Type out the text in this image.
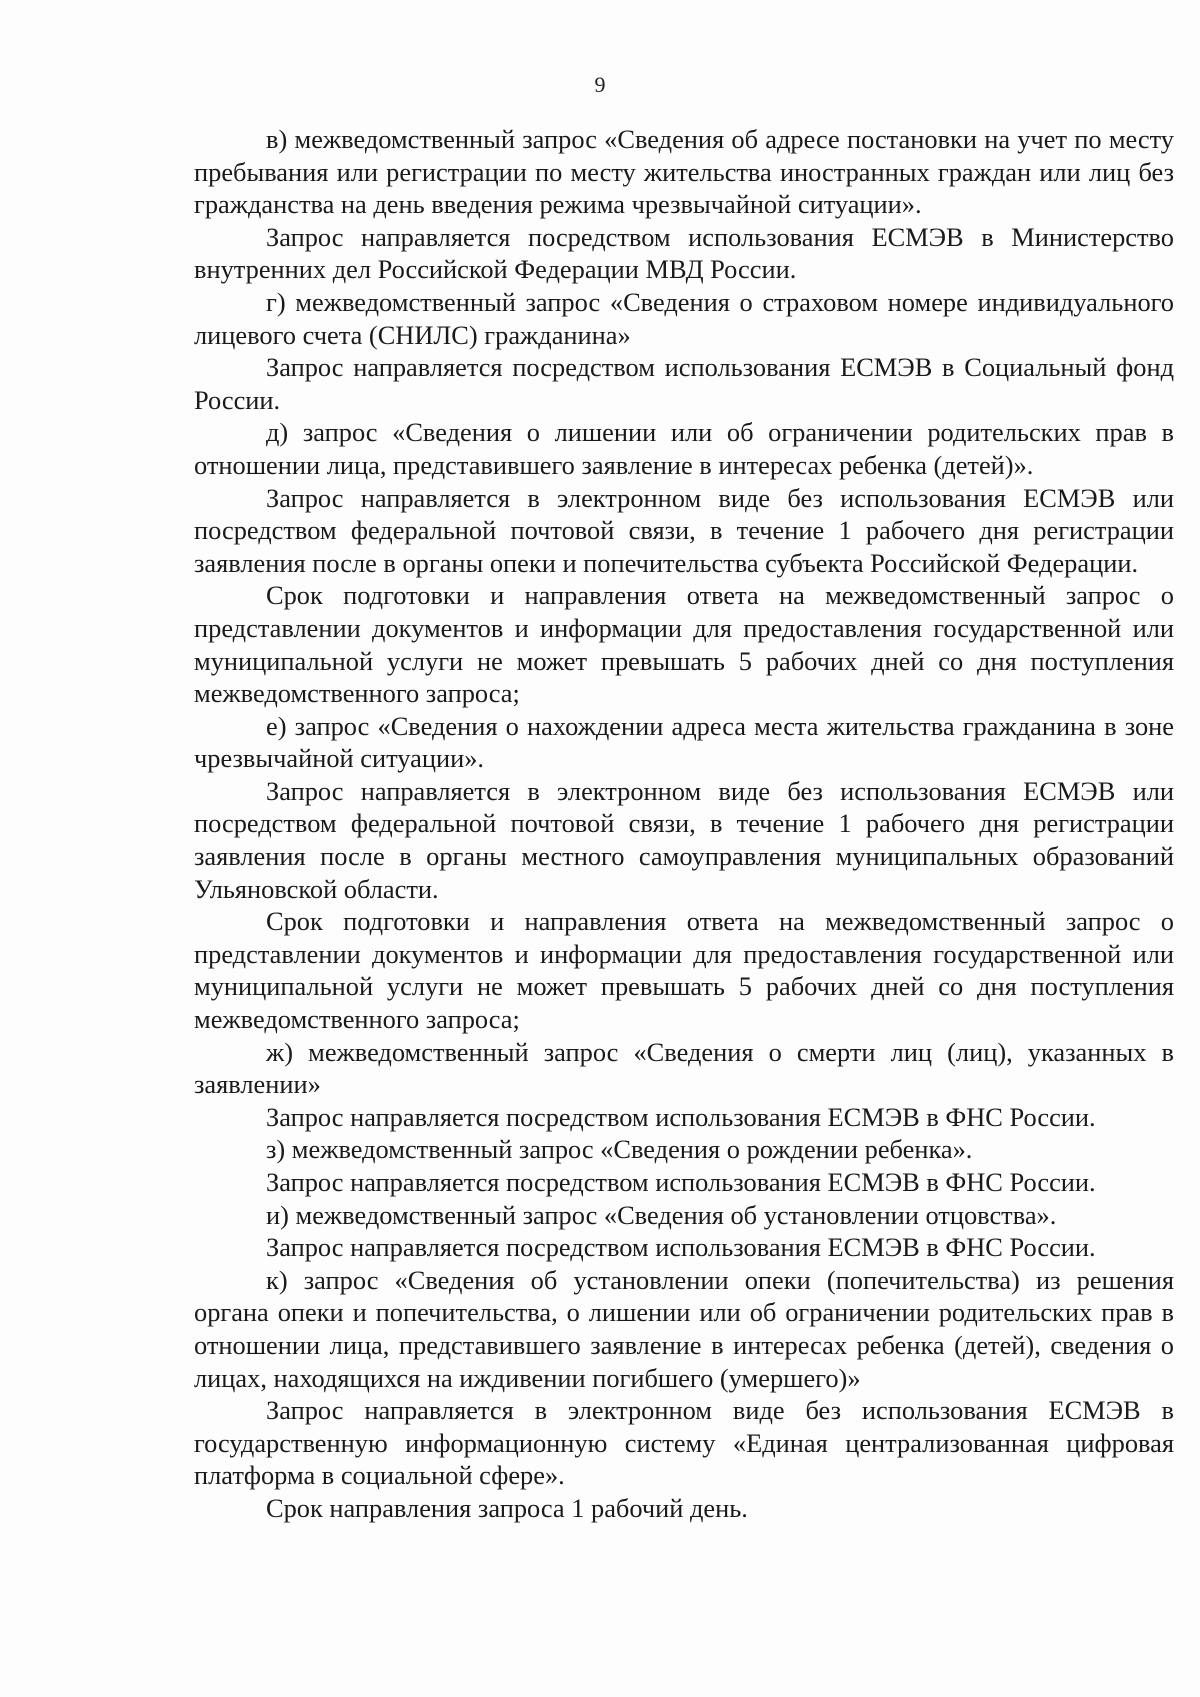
9

в) межведомственный запрос «Сведения об адресе постановки на учет по месту пребывания или регистрации по месту жительства иностранных граждан или лиц без гражданства на день введения режима чрезвычайной ситуации».

Запрос направляется посредством использования ЕСМЭВ в Министерство внутренних дел Российской Федерации МВД России.

г) межведомственный запрос «Сведения о страховом номере индивидуального лицевого счета (СНИЛС) гражданина»

Запрос направляется посредством использования ЕСМЭВ в Социальный фонд России.

д) запрос «Сведения о лишении или об ограничении родительских прав в отношении лица, представившего заявление в интересах ребенка (детей)».

Запрос направляется в электронном виде без использования ЕСМЭВ или посредством федеральной почтовой связи, в течение 1 рабочего дня регистрации заявления после в органы опеки и попечительства субъекта Российской Федерации.

Срок подготовки и направления ответа на межведомственный запрос о представлении документов и информации для предоставления государственной или муниципальной услуги не может превышать 5 рабочих дней со дня поступления межведомственного запроса;

е) запрос «Сведения о нахождении адреса места жительства гражданина в зоне чрезвычайной ситуации».

Запрос направляется в электронном виде без использования ЕСМЭВ или посредством федеральной почтовой связи, в течение 1 рабочего дня регистрации заявления после в органы местного самоуправления муниципальных образований Ульяновской области.

Срок подготовки и направления ответа на межведомственный запрос о представлении документов и информации для предоставления государственной или муниципальной услуги не может превышать 5 рабочих дней со дня поступления межведомственного запроса;

ж) межведомственный запрос «Сведения о смерти лиц (лиц), указанных в заявлении»

Запрос направляется посредством использования ЕСМЭВ в ФНС России.

з) межведомственный запрос «Сведения о рождении ребенка».

Запрос направляется посредством использования ЕСМЭВ в ФНС России.

и) межведомственный запрос «Сведения об установлении отцовства».

Запрос направляется посредством использования ЕСМЭВ в ФНС России.

к) запрос «Сведения об установлении опеки (попечительства) из решения органа опеки и попечительства, о лишении или об ограничении родительских прав в отношении лица, представившего заявление в интересах ребенка (детей), сведения о лицах, находящихся на иждивении погибшего (умершего)»

Запрос направляется в электронном виде без использования ЕСМЭВ в государственную информационную систему «Единая централизованная цифровая платформа в социальной сфере».

Срок направления запроса 1 рабочий день.
